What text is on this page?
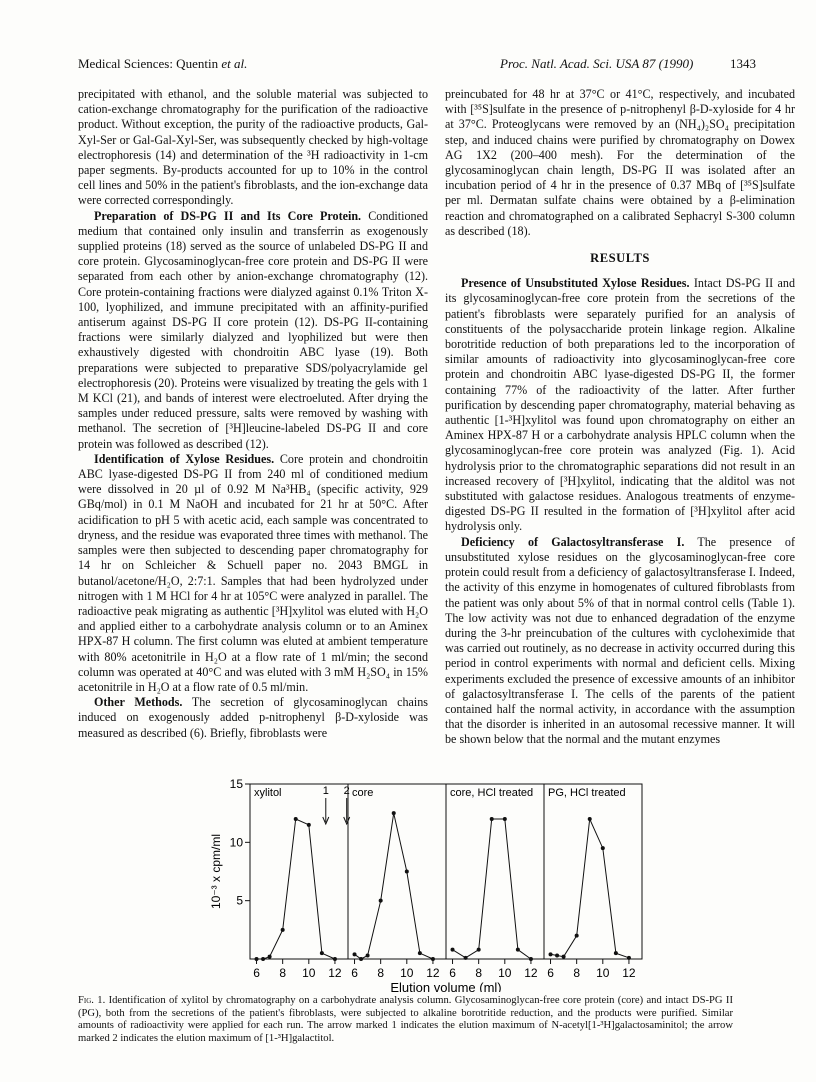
Medical Sciences: Quentin et al.	Proc. Natl. Acad. Sci. USA 87 (1990)	1343

precipitated with ethanol, and the soluble material was subjected to cation-exchange chromatography for the purification of the radioactive product. Without exception, the purity of the radioactive products, Gal-Xyl-Ser or Gal-Gal-Xyl-Ser, was subsequently checked by high-voltage electrophoresis (14) and determination of the ³H radioactivity in 1-cm paper segments. By-products accounted for up to 10% in the control cell lines and 50% in the patient's fibroblasts, and the ion-exchange data were corrected correspondingly.

Preparation of DS-PG II and Its Core Protein. Conditioned medium that contained only insulin and transferrin as exogenously supplied proteins (18) served as the source of unlabeled DS-PG II and core protein. Glycosaminoglycan-free core protein and DS-PG II were separated from each other by anion-exchange chromatography (12). Core protein-containing fractions were dialyzed against 0.1% Triton X-100, lyophilized, and immune precipitated with an affinity-purified antiserum against DS-PG II core protein (12). DS-PG II-containing fractions were similarly dialyzed and lyophilized but were then exhaustively digested with chondroitin ABC lyase (19). Both preparations were subjected to preparative SDS/polyacrylamide gel electrophoresis (20). Proteins were visualized by treating the gels with 1 M KCl (21), and bands of interest were electroeluted. After drying the samples under reduced pressure, salts were removed by washing with methanol. The secretion of [³H]leucine-labeled DS-PG II and core protein was followed as described (12).

Identification of Xylose Residues. Core protein and chondroitin ABC lyase-digested DS-PG II from 240 ml of conditioned medium were dissolved in 20 µl of 0.92 M Na³HB₄ (specific activity, 929 GBq/mol) in 0.1 M NaOH and incubated for 21 hr at 50°C. After acidification to pH 5 with acetic acid, each sample was concentrated to dryness, and the residue was evaporated three times with methanol. The samples were then subjected to descending paper chromatography for 14 hr on Schleicher & Schuell paper no. 2043 BMGL in butanol/acetone/H₂O, 2:7:1. Samples that had been hydrolyzed under nitrogen with 1 M HCl for 4 hr at 105°C were analyzed in parallel. The radioactive peak migrating as authentic [³H]xylitol was eluted with H₂O and applied either to a carbohydrate analysis column or to an Aminex HPX-87 H column. The first column was eluted at ambient temperature with 80% acetonitrile in H₂O at a flow rate of 1 ml/min; the second column was operated at 40°C and was eluted with 3 mM H₂SO₄ in 15% acetonitrile in H₂O at a flow rate of 0.5 ml/min.

Other Methods. The secretion of glycosaminoglycan chains induced on exogenously added p-nitrophenyl β-D-xyloside was measured as described (6). Briefly, fibroblasts were

preincubated for 48 hr at 37°C or 41°C, respectively, and incubated with [³⁵S]sulfate in the presence of p-nitrophenyl β-D-xyloside for 4 hr at 37°C. Proteoglycans were removed by an (NH₄)₂SO₄ precipitation step, and induced chains were purified by chromatography on Dowex AG 1X2 (200–400 mesh). For the determination of the glycosaminoglycan chain length, DS-PG II was isolated after an incubation period of 4 hr in the presence of 0.37 MBq of [³⁵S]sulfate per ml. Dermatan sulfate chains were obtained by a β-elimination reaction and chromatographed on a calibrated Sephacryl S-300 column as described (18).

RESULTS

Presence of Unsubstituted Xylose Residues. Intact DS-PG II and its glycosaminoglycan-free core protein from the secretions of the patient's fibroblasts were separately purified for an analysis of constituents of the polysaccharide protein linkage region. Alkaline borotritide reduction of both preparations led to the incorporation of similar amounts of radioactivity into glycosaminoglycan-free core protein and chondroitin ABC lyase-digested DS-PG II, the former containing 77% of the radioactivity of the latter. After further purification by descending paper chromatography, material behaving as authentic [1-³H]xylitol was found upon chromatography on either an Aminex HPX-87 H or a carbohydrate analysis HPLC column when the glycosaminoglycan-free core protein was analyzed (Fig. 1). Acid hydrolysis prior to the chromatographic separations did not result in an increased recovery of [³H]xylitol, indicating that the alditol was not substituted with galactose residues. Analogous treatments of enzyme-digested DS-PG II resulted in the formation of [³H]xylitol after acid hydrolysis only.

Deficiency of Galactosyltransferase I. The presence of unsubstituted xylose residues on the glycosaminoglycan-free core protein could result from a deficiency of galactosyltransferase I. Indeed, the activity of this enzyme in homogenates of cultured fibroblasts from the patient was only about 5% of that in normal control cells (Table 1). The low activity was not due to enhanced degradation of the enzyme during the 3-hr preincubation of the cultures with cycloheximide that was carried out routinely, as no decrease in activity occurred during this period in control experiments with normal and deficient cells. Mixing experiments excluded the presence of excessive amounts of an inhibitor of galactosyltransferase I. The cells of the parents of the patient contained half the normal activity, in accordance with the assumption that the disorder is inherited in an autosomal recessive manner. It will be shown below that the normal and the mutant enzymes

10⁻³ x cpm/ml 5
10
15
xylitol
6 8 10 12
1 2 core
6 8 10 12
core, HCl treated
6 8 10 12
PG, HCl treated
6 8 10 12
Elution volume (ml)
Fig. 1. Identification of xylitol by chromatography on a carbohydrate analysis column. Glycosaminoglycan-free core protein (core) and intact DS-PG II (PG), both from the secretions of the patient's fibroblasts, were subjected to alkaline borotritide reduction, and the products were purified. Similar amounts of radioactivity were applied for each run. The arrow marked 1 indicates the elution maximum of N-acetyl[1-³H]galactosaminitol; the arrow marked 2 indicates the elution maximum of [1-³H]galactitol.
